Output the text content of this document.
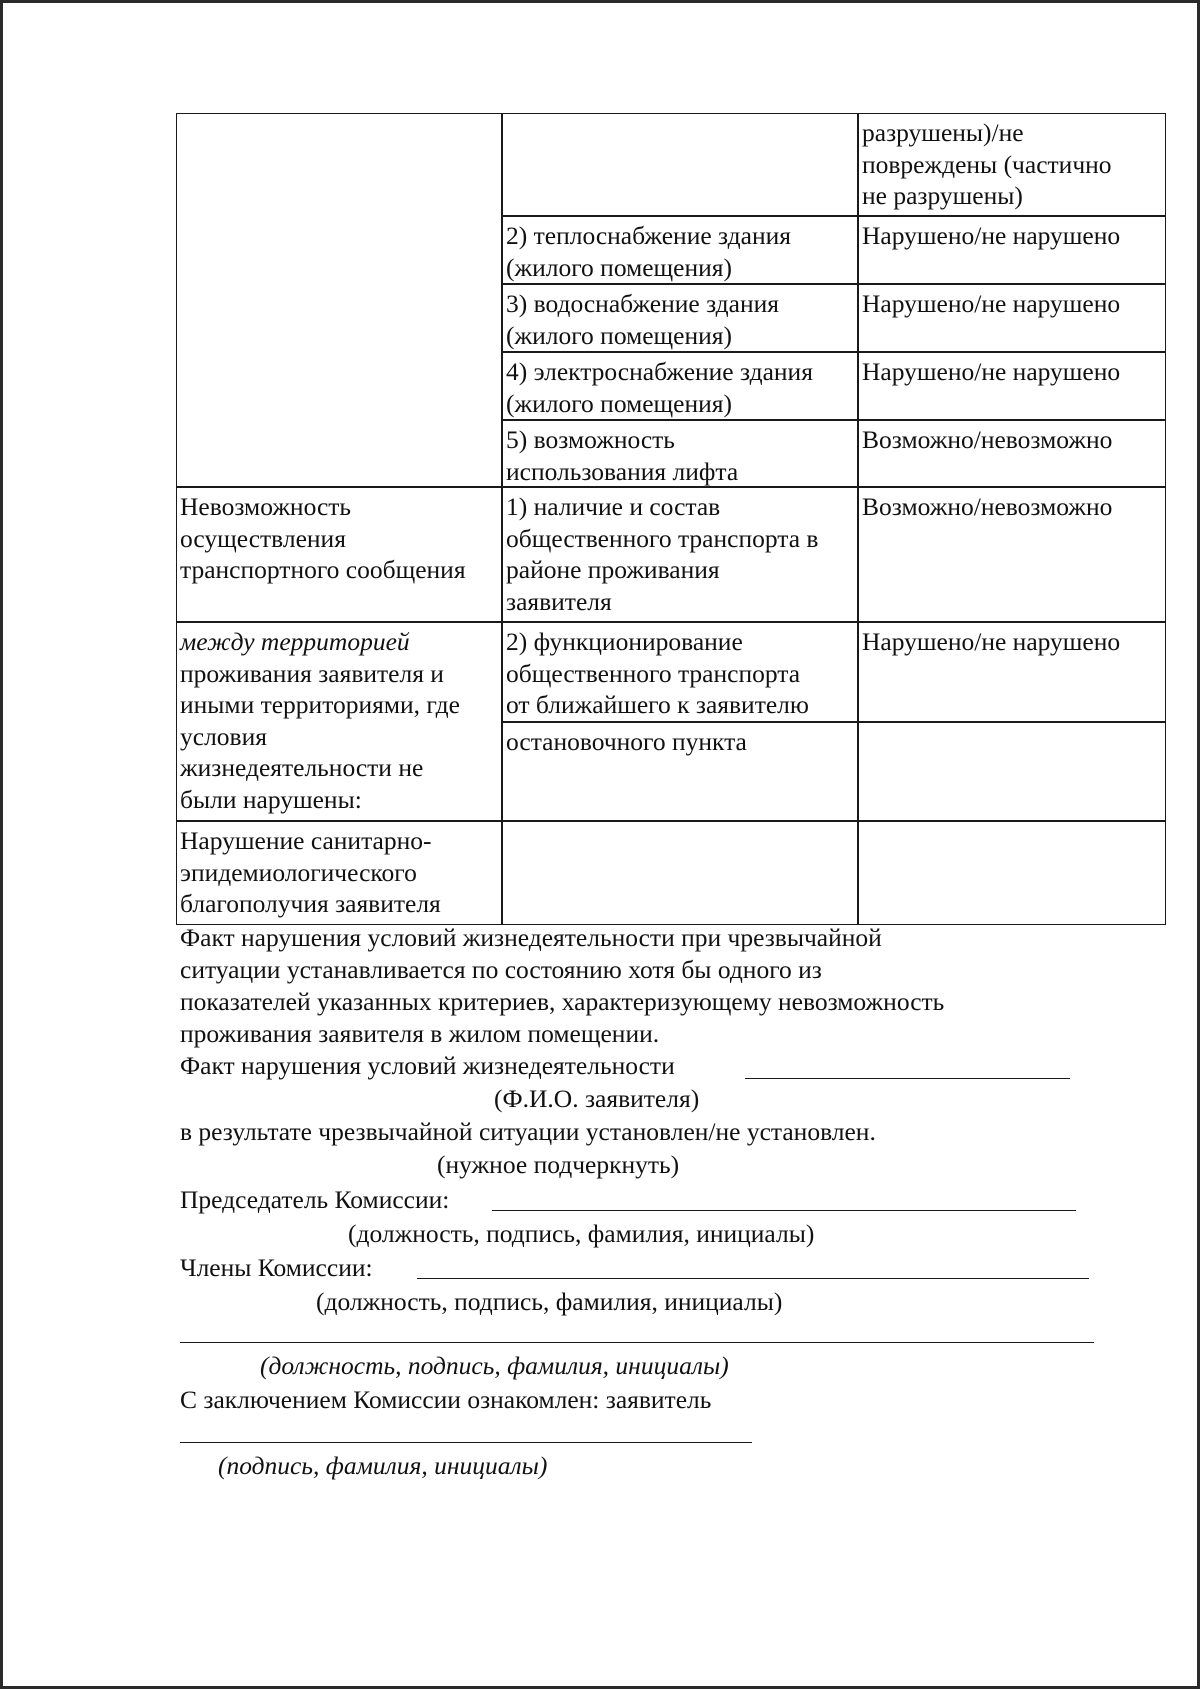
разрушены)/не
повреждены (частично
не разрушены)
2) теплоснабжение здания
(жилого помещения)
Нарушено/не нарушено
3) водоснабжение здания
(жилого помещения)
Нарушено/не нарушено
4) электроснабжение здания
(жилого помещения)
Нарушено/не нарушено
5) возможность
использования лифта
Возможно/невозможно
Невозможность
осуществления
транспортного сообщения
1) наличие и состав
общественного транспорта в
районе проживания
заявителя
Возможно/невозможно
между территорией
проживания заявителя и
иными территориями, где
условия
жизнедеятельности не
были нарушены:
2) функционирование
общественного транспорта
от ближайшего к заявителю
Нарушено/не нарушено
остановочного пункта
Нарушение санитарно-
эпидемиологического
благополучия заявителя
Факт нарушения условий жизнедеятельности при чрезвычайной
ситуации устанавливается по состоянию хотя бы одного из
показателей указанных критериев, характеризующему невозможность
проживания заявителя в жилом помещении.
Факт нарушения условий жизнедеятельности
(Ф.И.О. заявителя)
в результате чрезвычайной ситуации установлен/не установлен.
(нужное подчеркнуть)
Председатель Комиссии:
(должность, подпись, фамилия, инициалы)
Члены Комиссии:
(должность, подпись, фамилия, инициалы)
(должность, подпись, фамилия, инициалы)
С заключением Комиссии ознакомлен: заявитель
(подпись, фамилия, инициалы)
